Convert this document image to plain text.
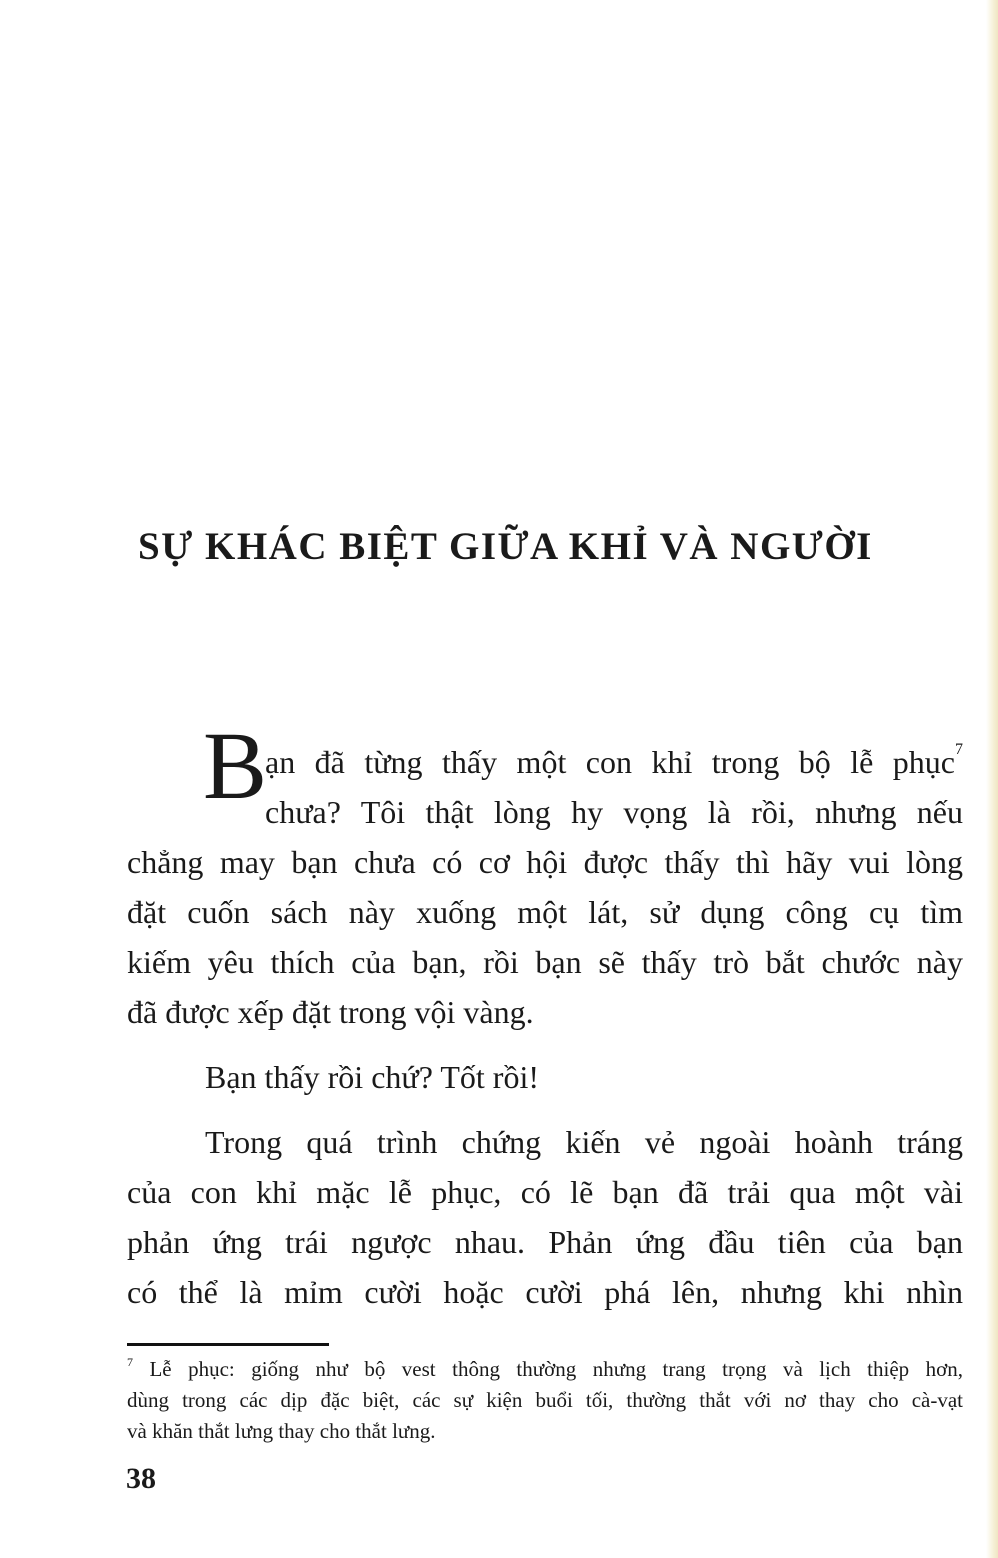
SỰ KHÁC BIỆT GIỮA KHỈ VÀ NGƯỜI
B
ạn đã từng thấy một con khỉ trong bộ lễ phục$^7$
chưa? Tôi thật lòng hy vọng là rồi, nhưng nếu
chẳng may bạn chưa có cơ hội được thấy thì hãy vui lòng
đặt cuốn sách này xuống một lát, sử dụng công cụ tìm
kiếm yêu thích của bạn, rồi bạn sẽ thấy trò bắt chước này
đã được xếp đặt trong vội vàng.
Bạn thấy rồi chứ? Tốt rồi!
Trong quá trình chứng kiến vẻ ngoài hoành tráng
của con khỉ mặc lễ phục, có lẽ bạn đã trải qua một vài
phản ứng trái ngược nhau. Phản ứng đầu tiên của bạn
có thể là mỉm cười hoặc cười phá lên, nhưng khi nhìn
$^7$ Lễ phục: giống như bộ vest thông thường nhưng trang trọng và lịch thiệp hơn,
dùng trong các dịp đặc biệt, các sự kiện buổi tối, thường thắt với nơ thay cho cà-vạt
và khăn thắt lưng thay cho thắt lưng.
38
